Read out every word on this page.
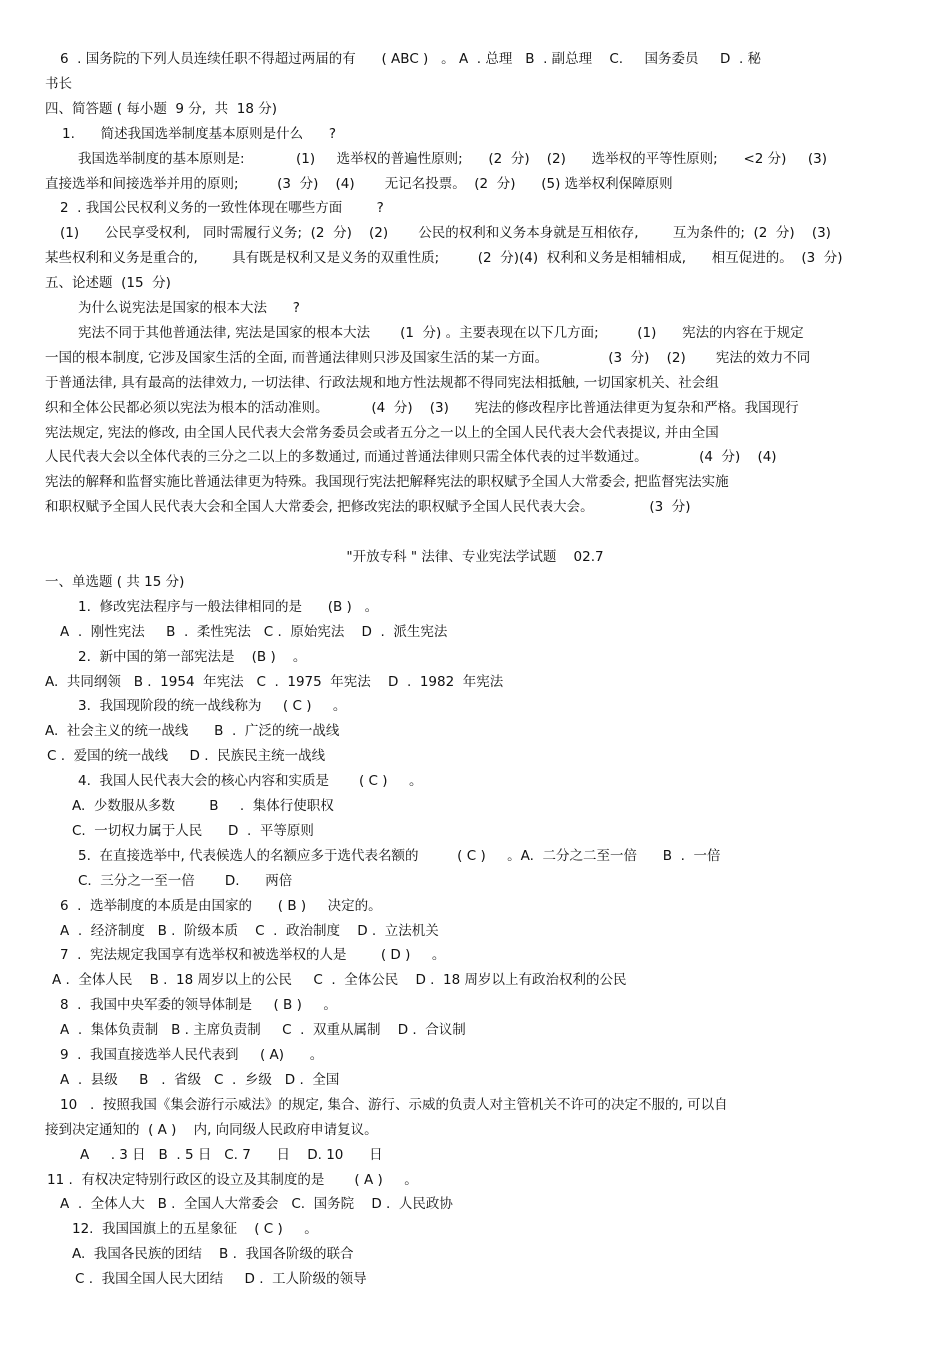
6  . 国务院的下列人员连续任职不得超过两届的有      ( ABC )   。 A  . 总理   B  . 副总理    C.     国务委员     D  . 秘
书长
四、简答题 ( 每小题  9 分,  共  18 分)
1.      简述我国选举制度基本原则是什么      ?
我国选举制度的基本原则是:            (1)     选举权的普遍性原则;      (2  分)    (2)      选举权的平等性原则;      <2 分)     (3)
直接选举和间接选举并用的原则;         (3  分)    (4)       无记名投票。  (2  分)      (5) 选举权利保障原则
2  . 我国公民权利义务的一致性体现在哪些方面        ?
(1)      公民享受权利,   同时需履行义务;  (2  分)    (2)       公民的权利和义务本身就是互相依存,        互为条件的;  (2  分)    (3)
某些权利和义务是重合的,        具有既是权利又是义务的双重性质;         (2  分)(4)  权利和义务是相辅相成,      相互促进的。  (3  分)
五、论述题  (15  分)
为什么说宪法是国家的根本大法      ?
宪法不同于其他普通法律, 宪法是国家的根本大法       (1  分) 。主要表现在以下几方面;         (1)      宪法的内容在于规定
一国的根本制度, 它涉及国家生活的全面, 而普通法律则只涉及国家生活的某一方面。              (3  分)    (2)       宪法的效力不同
于普通法律, 具有最高的法律效力, 一切法律、行政法规和地方性法规都不得同宪法相抵触, 一切国家机关、社会组
织和全体公民都必须以宪法为根本的活动准则。          (4  分)    (3)      宪法的修改程序比普通法律更为复杂和严格。我国现行
宪法规定, 宪法的修改, 由全国人民代表大会常务委员会或者五分之一以上的全国人民代表大会代表提议, 并由全国
人民代表大会以全体代表的三分之二以上的多数通过, 而通过普通法律则只需全体代表的过半数通过。            (4  分)    (4)
宪法的解释和监督实施比普通法律更为特殊。我国现行宪法把解释宪法的职权赋予全国人大常委会, 把监督宪法实施
和职权赋予全国人民代表大会和全国人大常委会, 把修改宪法的职权赋予全国人民代表大会。             (3  分)
"开放专科 " 法律、专业宪法学试题    02.7
一、单选题 ( 共 15 分)
1.  修改宪法程序与一般法律相同的是      (B )   。
A  .  刚性宪法     B  .  柔性宪法   C .  原始宪法    D  .  派生宪法
2.  新中国的第一部宪法是    (B )    。
A.  共同纲领   B .  1954  年宪法   C  .  1975  年宪法    D  .  1982  年宪法
3.  我国现阶段的统一战线称为     ( C )     。
A.  社会主义的统一战线      B  .  广泛的统一战线
C .  爱国的统一战线     D .  民族民主统一战线
4.  我国人民代表大会的核心内容和实质是       ( C )     。
A.  少数服从多数        B     .  集体行使职权
C.  一切权力属于人民      D  .  平等原则
5.  在直接选举中, 代表候选人的名额应多于选代表名额的         ( C )     。A.  二分之二至一倍      B  .  一倍
C.  三分之一至一倍       D.      两倍
6  .  选举制度的本质是由国家的      ( B )     决定的。
A  .  经济制度   B .  阶级本质    C  .  政治制度    D .  立法机关
7  .  宪法规定我国享有选举权和被选举权的人是        ( D )     。
A .  全体人民    B .  18 周岁以上的公民     C  .  全体公民    D .  18 周岁以上有政治权利的公民
8  .  我国中央军委的领导体制是     ( B )     。
A  .  集体负责制   B . 主席负责制     C  .  双重从属制    D .  合议制
9  .  我国直接选举人民代表到     ( A)      。
A  .  县级     B   .  省级   C  .  乡级   D .  全国
10   .  按照我国《集会游行示威法》的规定, 集合、游行、示威的负责人对主管机关不许可的决定不服的, 可以自
接到决定通知的  ( A )    内, 向同级人民政府申请复议。
A     . 3 日   B  . 5 日   C. 7      日    D. 10      日
11 .  有权决定特别行政区的设立及其制度的是       ( A )     。
A  .  全体人大   B .  全国人大常委会   C.  国务院    D .  人民政协
12.  我国国旗上的五星象征    ( C )     。
A.  我国各民族的团结    B .  我国各阶级的联合
C .  我国全国人民大团结     D .  工人阶级的领导
